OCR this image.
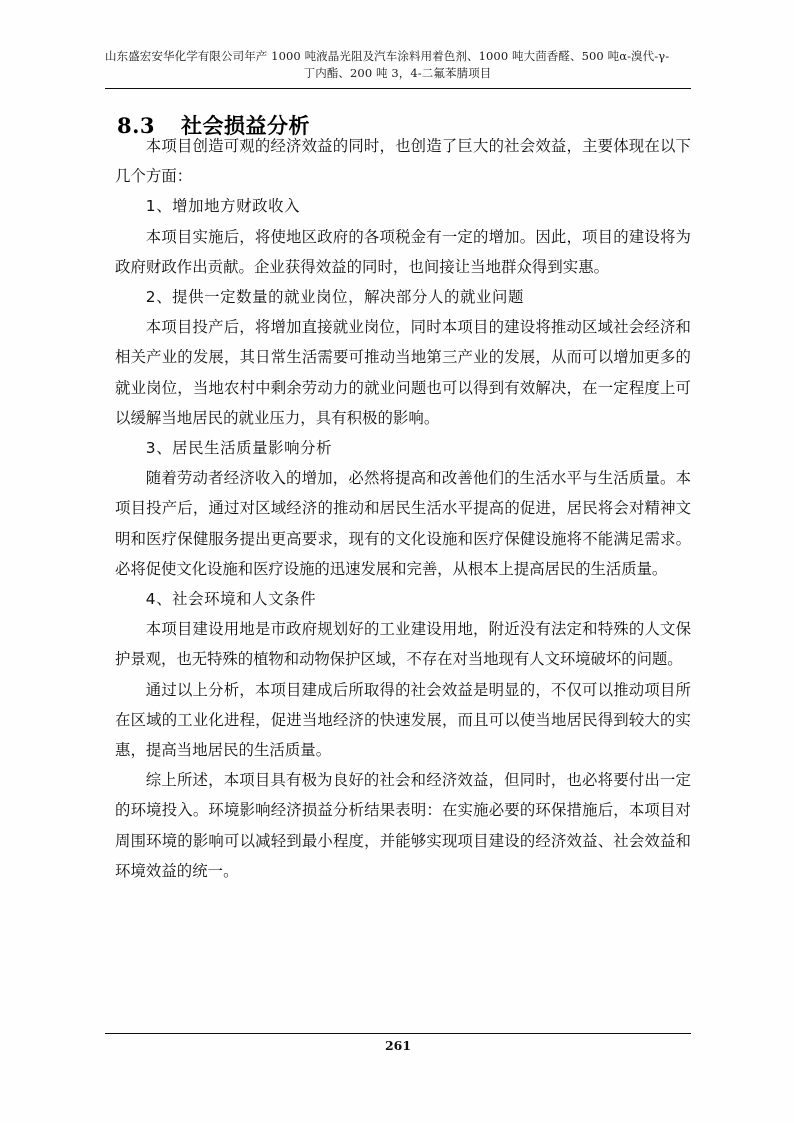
山东盛宏安华化学有限公司年产 1000 吨液晶光阻及汽车涂料用着色剂、1000 吨大茴香醛、500 吨α-溴代-γ-
丁内酯、200 吨 3，4-二氟苯腈项目
8.3 社会损益分析

本项目创造可观的经济效益的同时，也创造了巨大的社会效益，主要体现在以下几个方面：

1、增加地方财政收入

本项目实施后，将使地区政府的各项税金有一定的增加。因此，项目的建设将为政府财政作出贡献。企业获得效益的同时，也间接让当地群众得到实惠。

2、提供一定数量的就业岗位，解决部分人的就业问题

本项目投产后，将增加直接就业岗位，同时本项目的建设将推动区域社会经济和相关产业的发展，其日常生活需要可推动当地第三产业的发展，从而可以增加更多的就业岗位，当地农村中剩余劳动力的就业问题也可以得到有效解决，在一定程度上可以缓解当地居民的就业压力，具有积极的影响。

3、居民生活质量影响分析

随着劳动者经济收入的增加，必然将提高和改善他们的生活水平与生活质量。本项目投产后，通过对区域经济的推动和居民生活水平提高的促进，居民将会对精神文明和医疗保健服务提出更高要求，现有的文化设施和医疗保健设施将不能满足需求。必将促使文化设施和医疗设施的迅速发展和完善，从根本上提高居民的生活质量。

4、社会环境和人文条件

本项目建设用地是市政府规划好的工业建设用地，附近没有法定和特殊的人文保护景观，也无特殊的植物和动物保护区域，不存在对当地现有人文环境破坏的问题。

通过以上分析，本项目建成后所取得的社会效益是明显的，不仅可以推动项目所在区域的工业化进程，促进当地经济的快速发展，而且可以使当地居民得到较大的实惠，提高当地居民的生活质量。

综上所述，本项目具有极为良好的社会和经济效益，但同时，也必将要付出一定的环境投入。环境影响经济损益分析结果表明：在实施必要的环保措施后，本项目对周围环境的影响可以减轻到最小程度，并能够实现项目建设的经济效益、社会效益和环境效益的统一。

261
